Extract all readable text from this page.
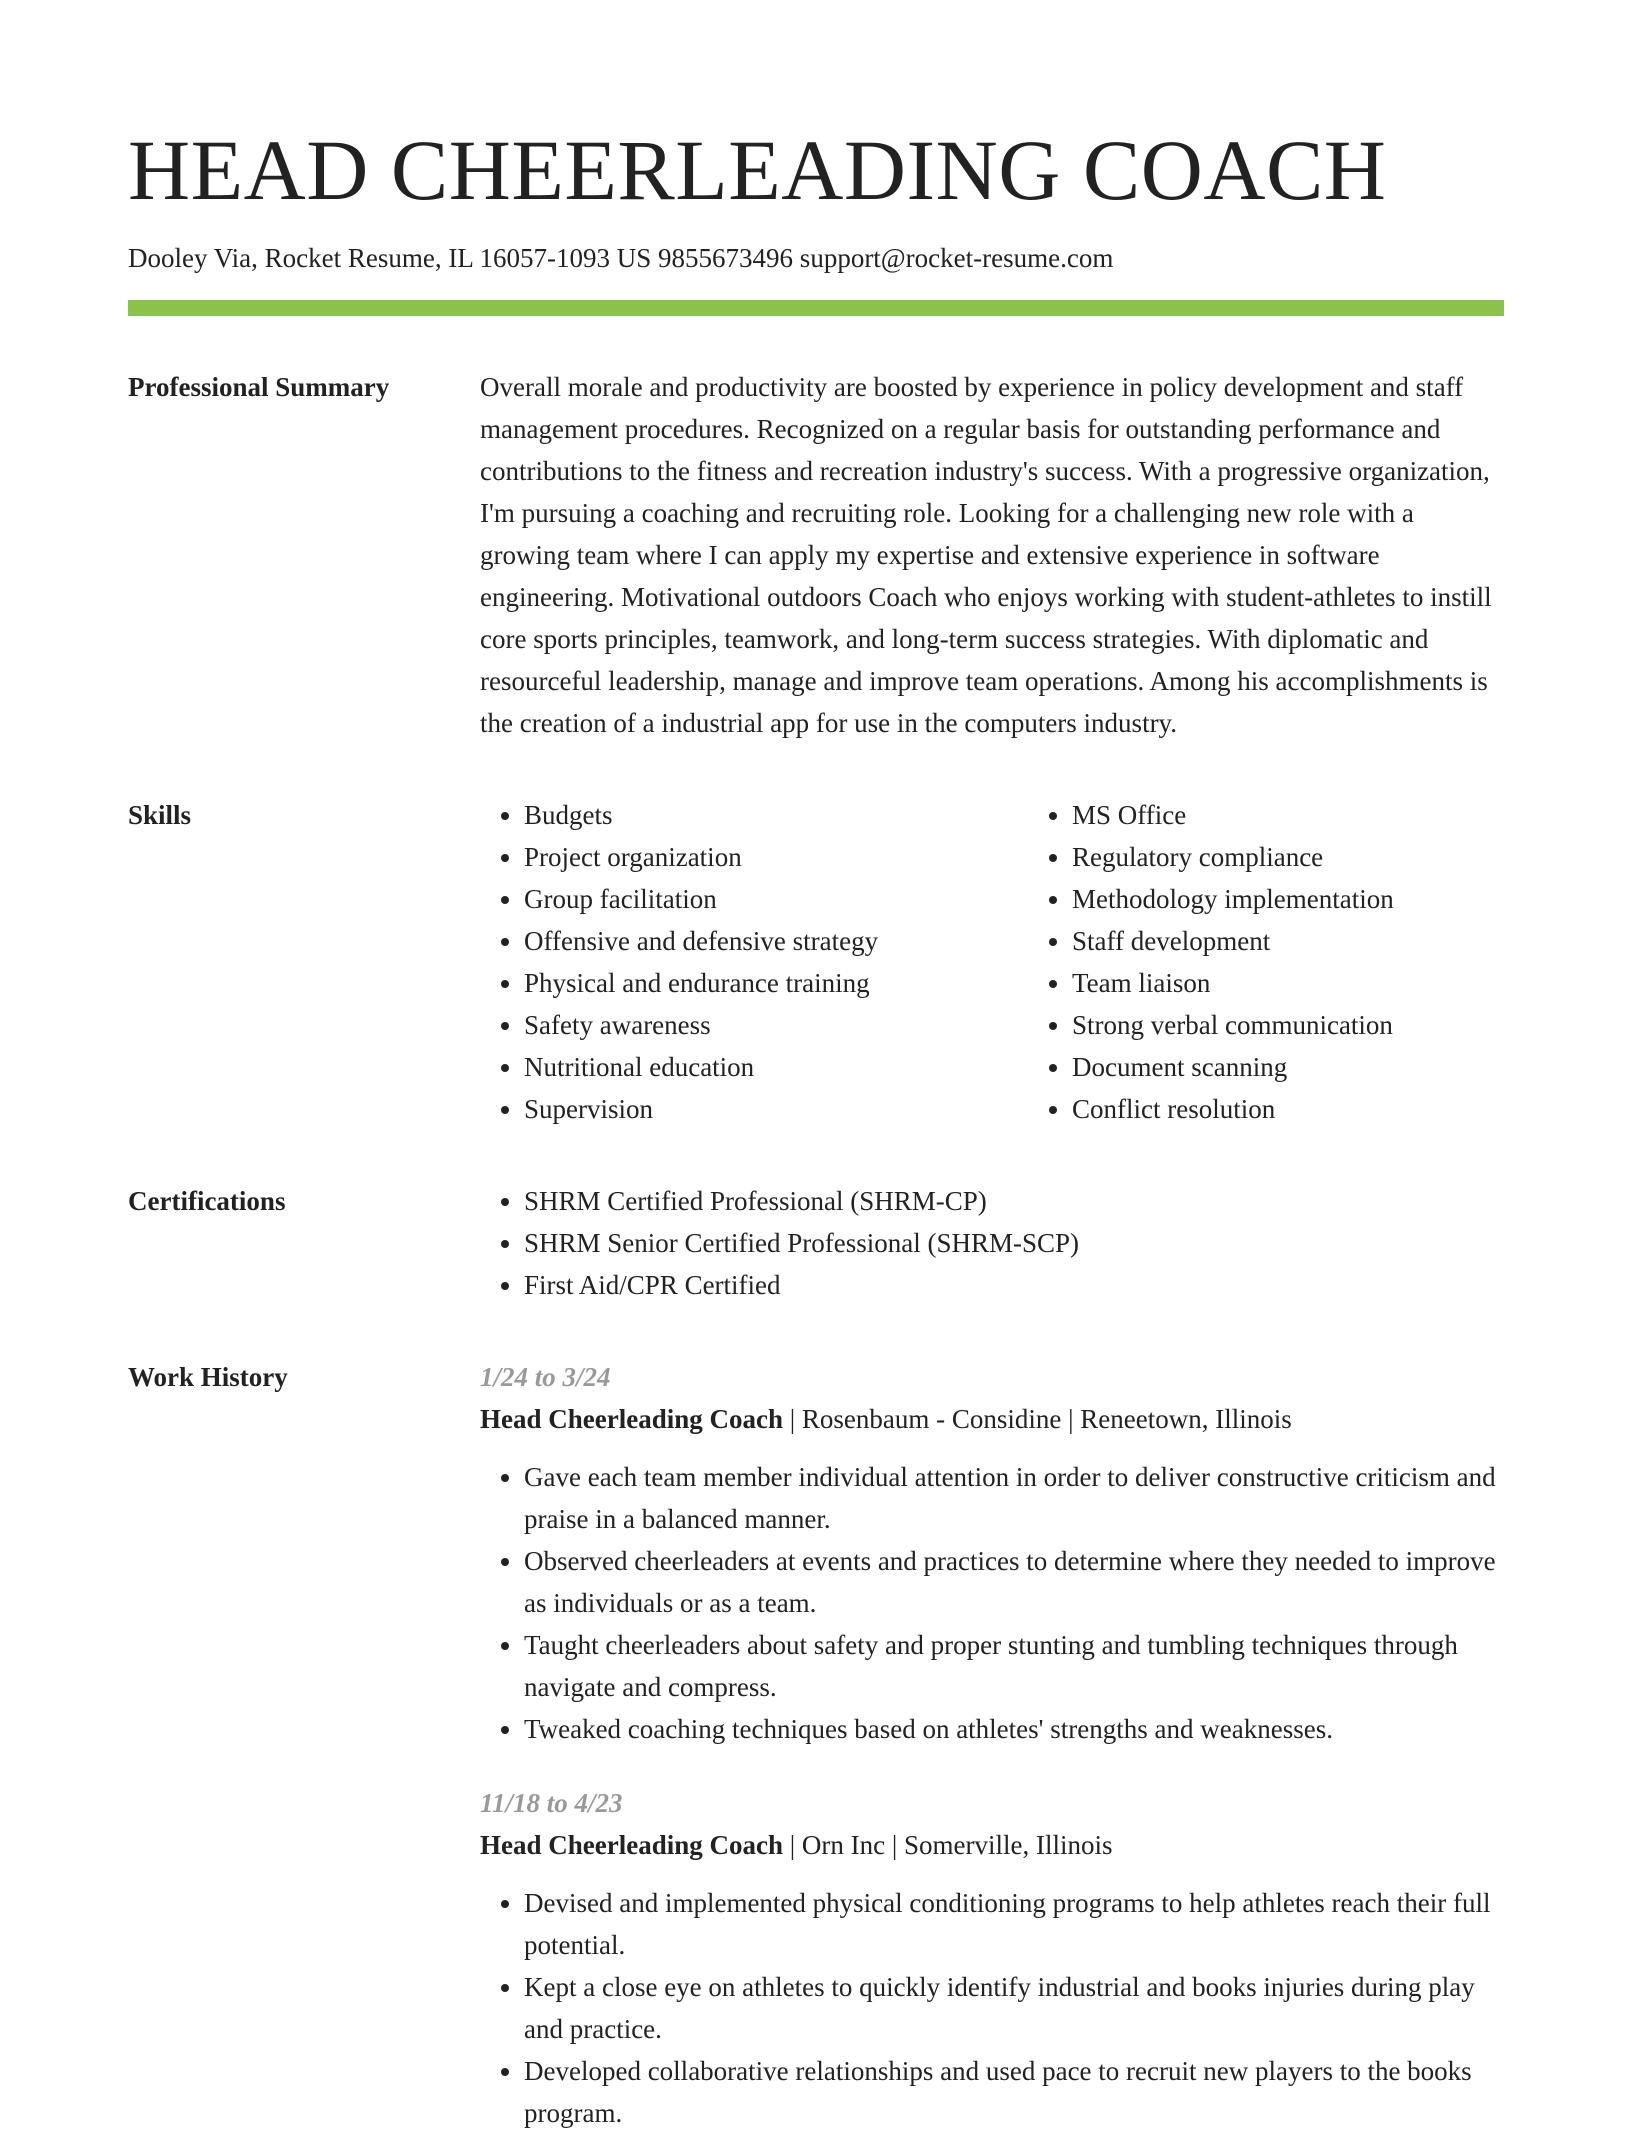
HEAD CHEERLEADING COACH
Dooley Via, Rocket Resume, IL 16057-1093 US 9855673496 support@rocket-resume.com
Professional Summary	Overall morale and productivity are boosted by experience in policy development and staff management procedures. Recognized on a regular basis for outstanding performance and contributions to the fitness and recreation industry's success. With a progressive organization, I'm pursuing a coaching and recruiting role. Looking for a challenging new role with a growing team where I can apply my expertise and extensive experience in software engineering. Motivational outdoors Coach who enjoys working with student-athletes to instill core sports principles, teamwork, and long-term success strategies. With diplomatic and resourceful leadership, manage and improve team operations. Among his accomplishments is the creation of a industrial app for use in the computers industry.

Skills	• Budgets
• Project organization
• Group facilitation
• Offensive and defensive strategy
• Physical and endurance training
• Safety awareness
• Nutritional education
• Supervision
• MS Office
• Regulatory compliance
• Methodology implementation
• Staff development
• Team liaison
• Strong verbal communication
• Document scanning
• Conflict resolution
Certifications	• SHRM Certified Professional (SHRM-CP)
• SHRM Senior Certified Professional (SHRM-SCP)
• First Aid/CPR Certified
Work History	1/24 to 3/24
Head Cheerleading Coach | Rosenbaum - Considine | Reneetown, Illinois
• Gave each team member individual attention in order to deliver constructive criticism and praise in a balanced manner.
• Observed cheerleaders at events and practices to determine where they needed to improve as individuals or as a team.
• Taught cheerleaders about safety and proper stunting and tumbling techniques through navigate and compress.
• Tweaked coaching techniques based on athletes' strengths and weaknesses.
11/18 to 4/23
Head Cheerleading Coach | Orn Inc | Somerville, Illinois
• Devised and implemented physical conditioning programs to help athletes reach their full potential.
• Kept a close eye on athletes to quickly identify industrial and books injuries during play and practice.
• Developed collaborative relationships and used pace to recruit new players to the books program.
